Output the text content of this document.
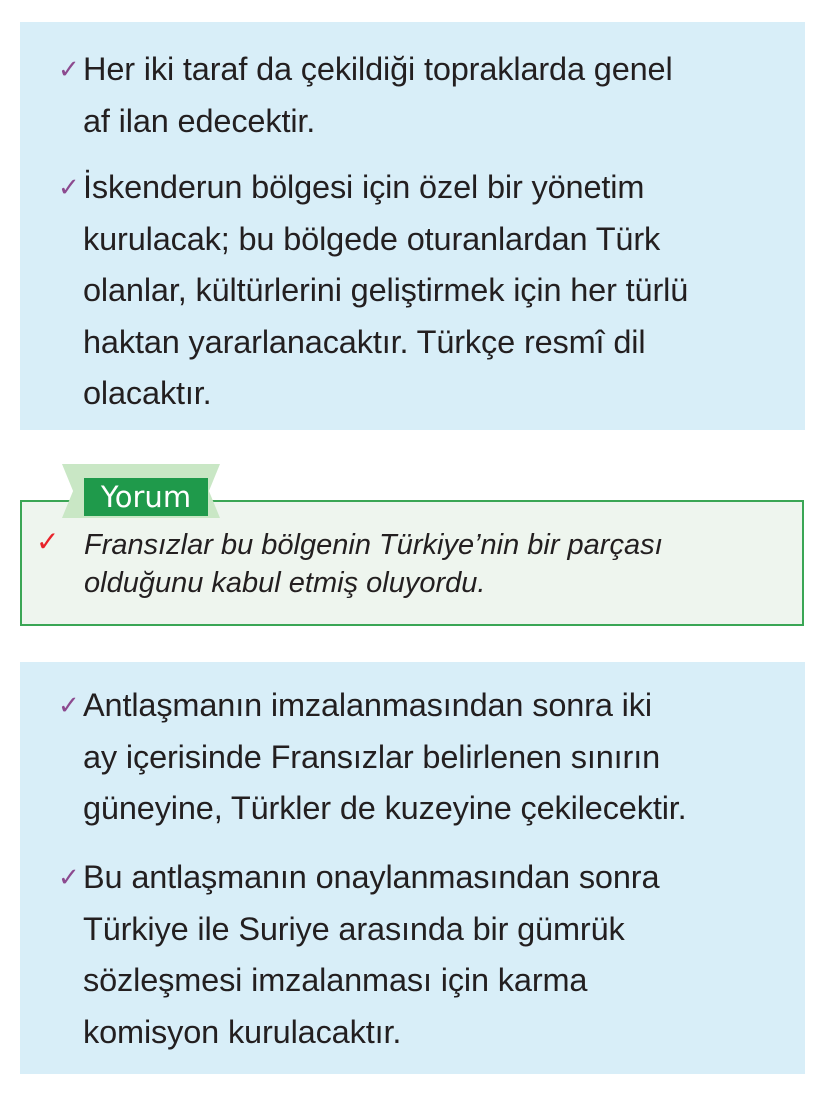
✓ Her iki taraf da çekildiği topraklarda genel
af ilan edecektir.
✓ İskenderun bölgesi için özel bir yönetim
kurulacak; bu bölgede oturanlardan Türk
olanlar, kültürlerini geliştirmek için her türlü
haktan yararlanacaktır. Türkçe resmî dil
olacaktır.
Yorum
✓ Fransızlar bu bölgenin Türkiye’nin bir parçası
olduğunu kabul etmiş oluyordu.
✓ Antlaşmanın imzalanmasından sonra iki
ay içerisinde Fransızlar belirlenen sınırın
güneyine, Türkler de kuzeyine çekilecektir.
✓ Bu antlaşmanın onaylanmasından sonra
Türkiye ile Suriye arasında bir gümrük
sözleşmesi imzalanması için karma
komisyon kurulacaktır.
